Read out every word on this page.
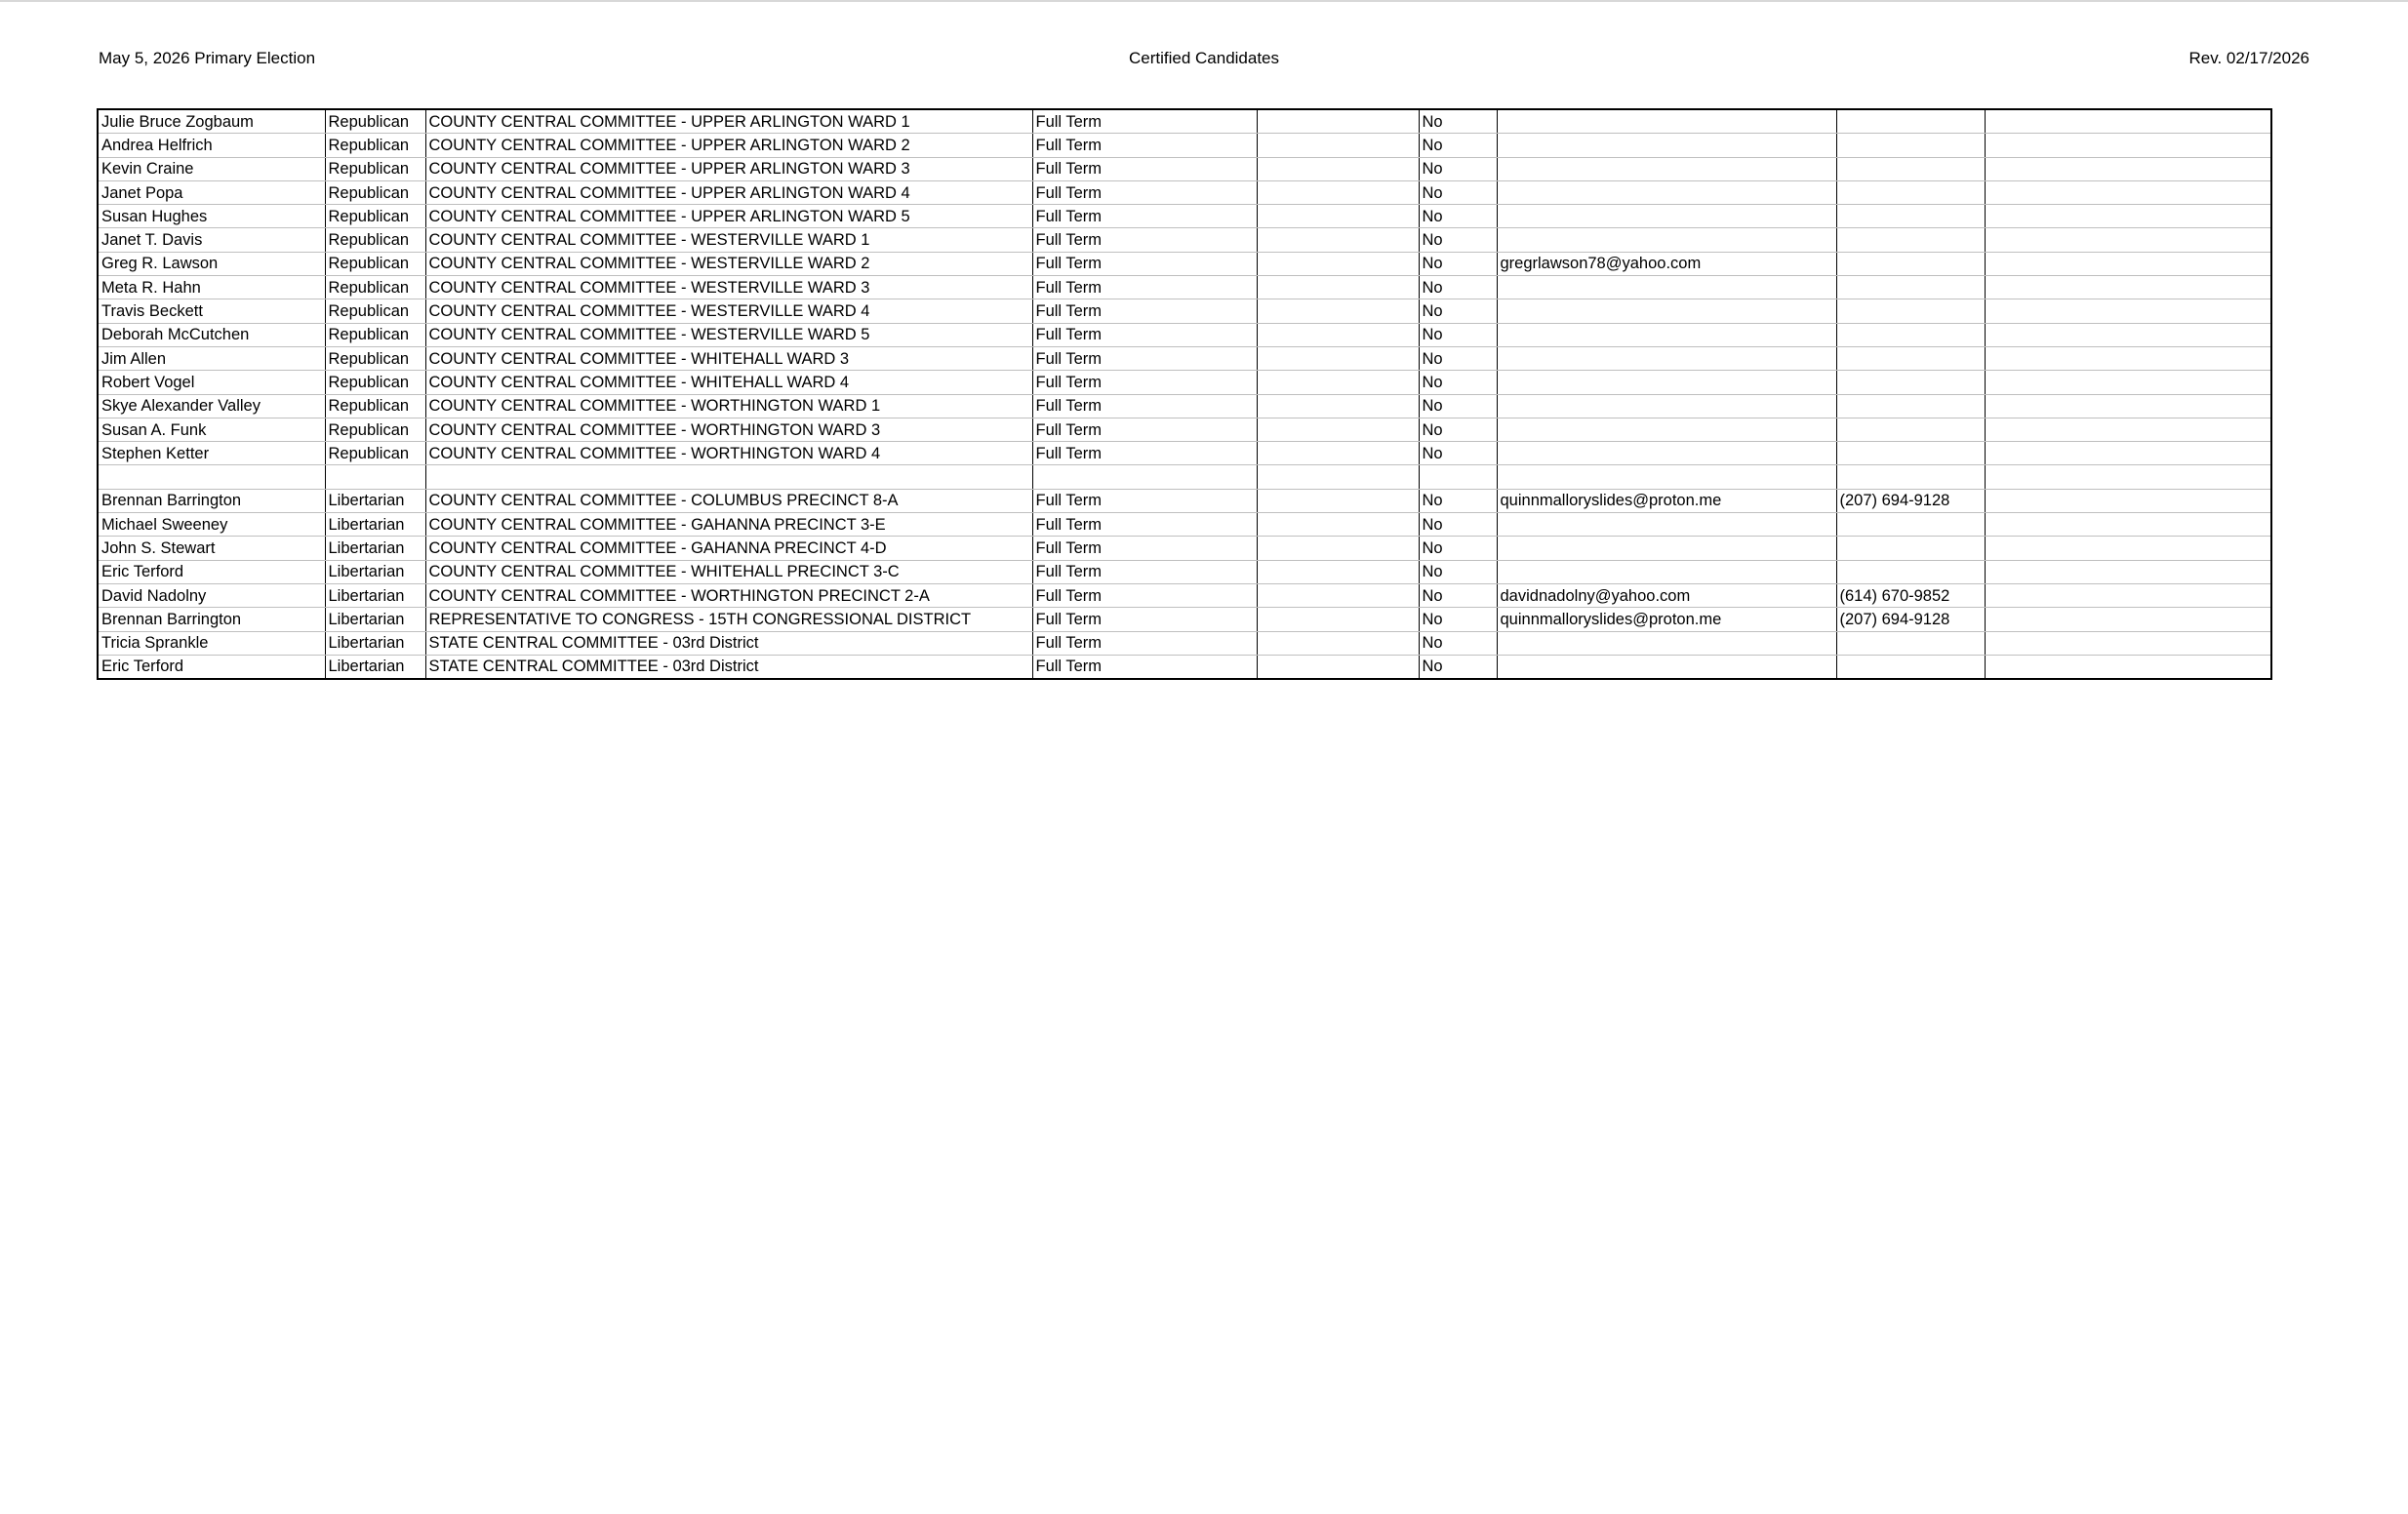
May 5, 2026 Primary Election	Certified Candidates	Rev. 02/17/2026
Julie Bruce Zogbaum	Republican	COUNTY CENTRAL COMMITTEE - UPPER ARLINGTON WARD 1	Full Term		No			
Andrea Helfrich	Republican	COUNTY CENTRAL COMMITTEE - UPPER ARLINGTON WARD 2	Full Term		No			
Kevin Craine	Republican	COUNTY CENTRAL COMMITTEE - UPPER ARLINGTON WARD 3	Full Term		No			
Janet Popa	Republican	COUNTY CENTRAL COMMITTEE - UPPER ARLINGTON WARD 4	Full Term		No			
Susan Hughes	Republican	COUNTY CENTRAL COMMITTEE - UPPER ARLINGTON WARD 5	Full Term		No			
Janet T. Davis	Republican	COUNTY CENTRAL COMMITTEE - WESTERVILLE WARD 1	Full Term		No			
Greg R. Lawson	Republican	COUNTY CENTRAL COMMITTEE - WESTERVILLE WARD 2	Full Term		No	gregrlawson78@yahoo.com		
Meta R. Hahn	Republican	COUNTY CENTRAL COMMITTEE - WESTERVILLE WARD 3	Full Term		No			
Travis Beckett	Republican	COUNTY CENTRAL COMMITTEE - WESTERVILLE WARD 4	Full Term		No			
Deborah McCutchen	Republican	COUNTY CENTRAL COMMITTEE - WESTERVILLE WARD 5	Full Term		No			
Jim Allen	Republican	COUNTY CENTRAL COMMITTEE - WHITEHALL WARD 3	Full Term		No			
Robert Vogel	Republican	COUNTY CENTRAL COMMITTEE - WHITEHALL WARD 4	Full Term		No			
Skye Alexander Valley	Republican	COUNTY CENTRAL COMMITTEE - WORTHINGTON WARD 1	Full Term		No			
Susan A. Funk	Republican	COUNTY CENTRAL COMMITTEE - WORTHINGTON WARD 3	Full Term		No			
Stephen Ketter	Republican	COUNTY CENTRAL COMMITTEE - WORTHINGTON WARD 4	Full Term		No			

Brennan Barrington	Libertarian	COUNTY CENTRAL COMMITTEE - COLUMBUS PRECINCT 8-A	Full Term		No	quinnmalloryslides@proton.me	(207) 694-9128	
Michael Sweeney	Libertarian	COUNTY CENTRAL COMMITTEE - GAHANNA PRECINCT 3-E	Full Term		No			
John S. Stewart	Libertarian	COUNTY CENTRAL COMMITTEE - GAHANNA PRECINCT 4-D	Full Term		No			
Eric Terford	Libertarian	COUNTY CENTRAL COMMITTEE - WHITEHALL PRECINCT 3-C	Full Term		No			
David Nadolny	Libertarian	COUNTY CENTRAL COMMITTEE - WORTHINGTON PRECINCT 2-A	Full Term		No	davidnadolny@yahoo.com	(614) 670-9852	
Brennan Barrington	Libertarian	REPRESENTATIVE TO CONGRESS - 15TH CONGRESSIONAL DISTRICT	Full Term		No	quinnmalloryslides@proton.me	(207) 694-9128	
Tricia Sprankle	Libertarian	STATE CENTRAL COMMITTEE - 03rd District	Full Term		No			
Eric Terford	Libertarian	STATE CENTRAL COMMITTEE - 03rd District	Full Term		No			
